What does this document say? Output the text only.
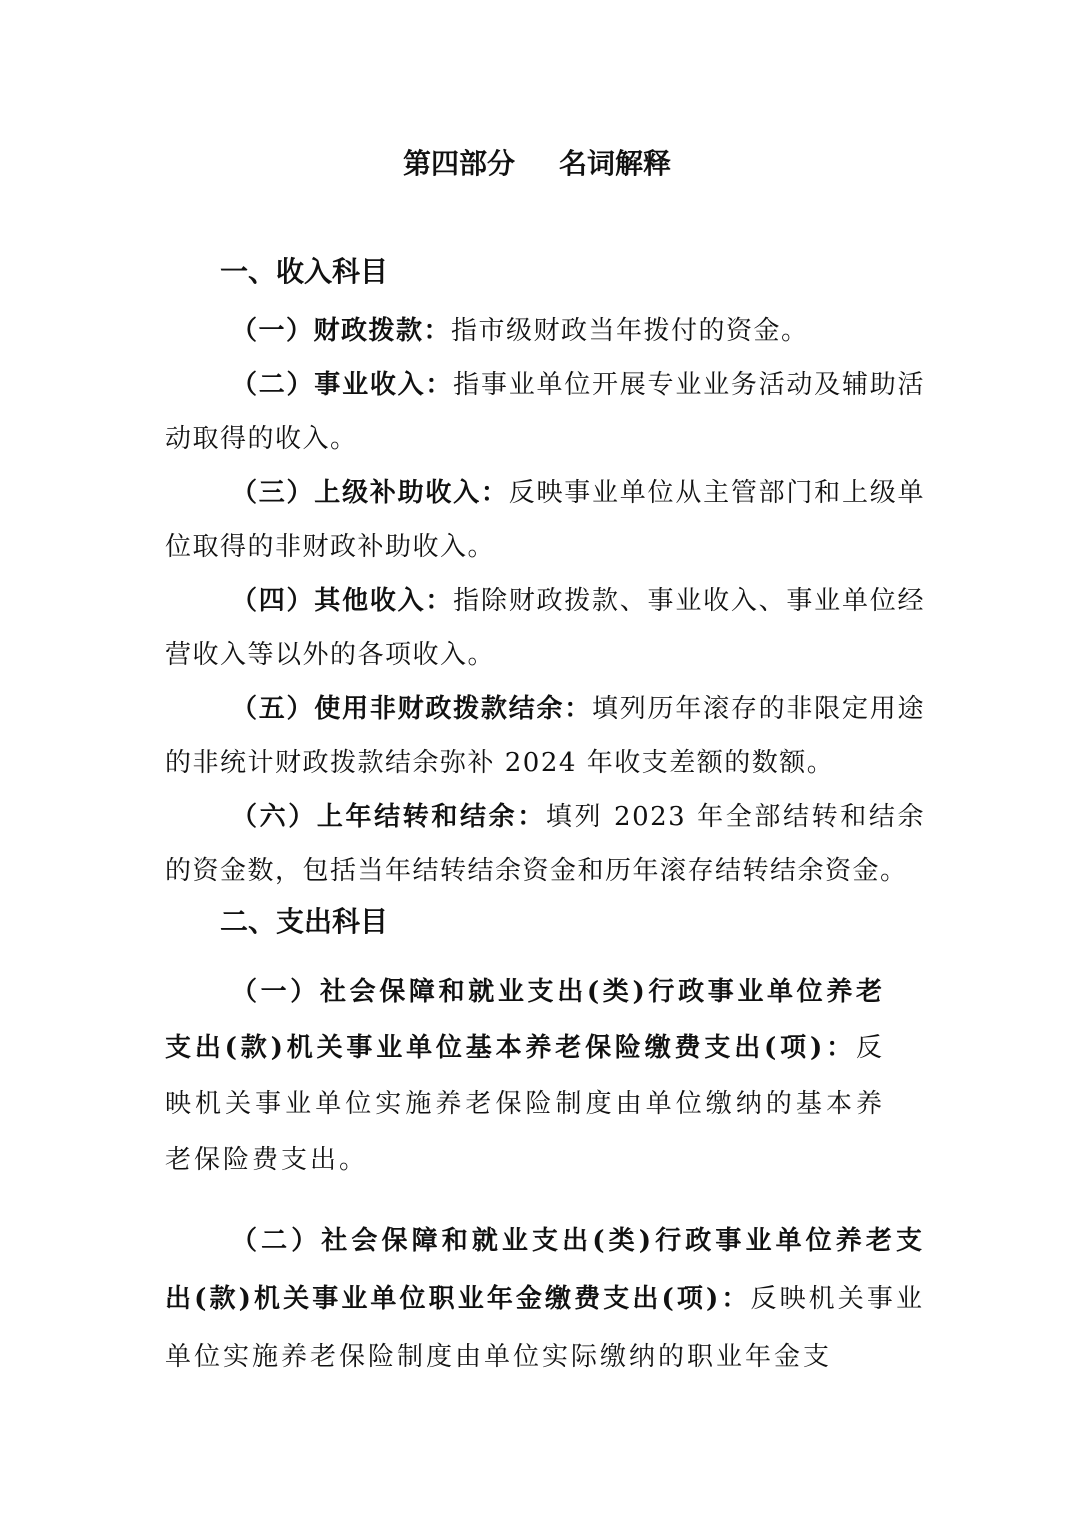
第四部分 名词解释
一、收入科目

（一）财政拨款：指市级财政当年拨付的资金。

（二）事业收入：指事业单位开展专业业务活动及辅助活动取得的收入。

（三）上级补助收入：反映事业单位从主管部门和上级单位取得的非财政补助收入。

（四）其他收入：指除财政拨款、事业收入、事业单位经营收入等以外的各项收入。

（五）使用非财政拨款结余：填列历年滚存的非限定用途的非统计财政拨款结余弥补 2024 年收支差额的数额。

（六）上年结转和结余：填列 2023 年全部结转和结余的资金数，包括当年结转结余资金和历年滚存结转结余资金。

二、支出科目

（一）社会保障和就业支出(类)行政事业单位养老支出(款)机关事业单位基本养老保险缴费支出(项)：反映机关事业单位实施养老保险制度由单位缴纳的基本养老保险费支出。

（二）社会保障和就业支出(类)行政事业单位养老支出(款)机关事业单位职业年金缴费支出(项)：反映机关事业单位实施养老保险制度由单位实际缴纳的职业年金支
